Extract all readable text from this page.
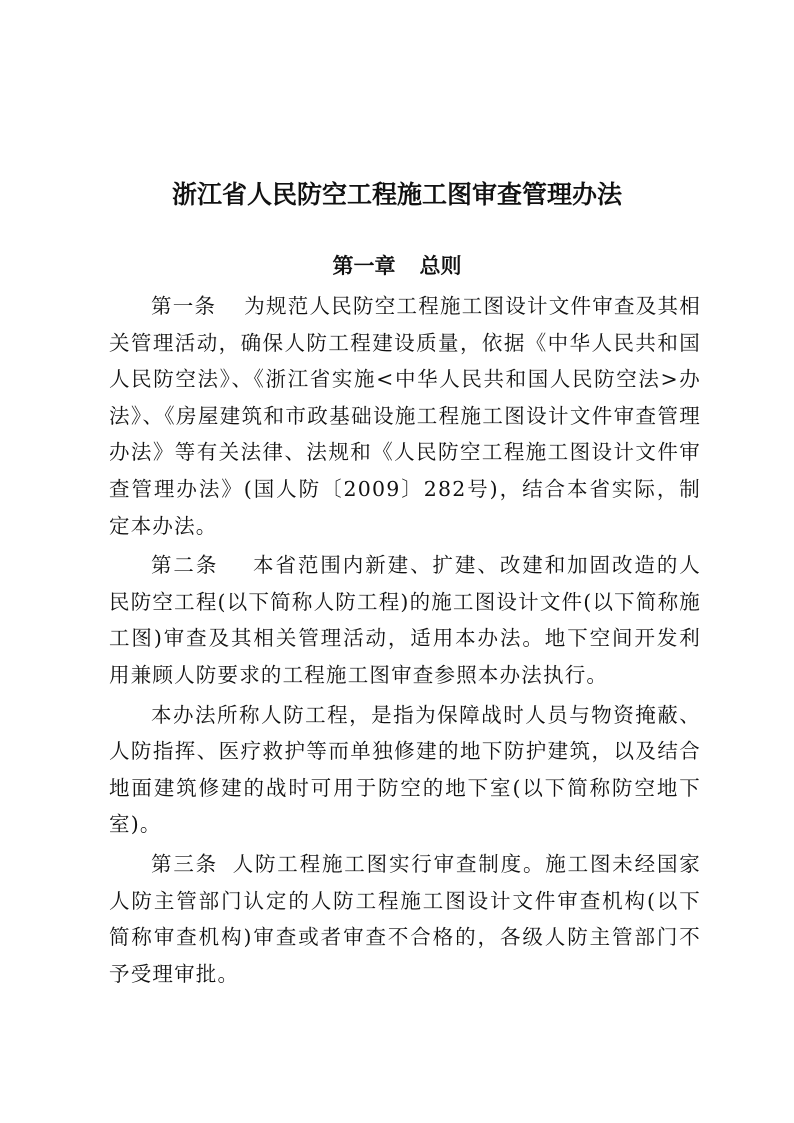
浙江省人民防空工程施工图审查管理办法
第一章 总则

第一条 为规范人民防空工程施工图设计文件审查及其相关管理活动，确保人防工程建设质量，依据《中华人民共和国人民防空法》、《浙江省实施<中华人民共和国人民防空法>办法》、《房屋建筑和市政基础设施工程施工图设计文件审查管理办法》等有关法律、法规和《人民防空工程施工图设计文件审查管理办法》(国人防〔2009〕282号)，结合本省实际，制定本办法。

第二条 本省范围内新建、扩建、改建和加固改造的人民防空工程(以下简称人防工程)的施工图设计文件(以下简称施工图)审查及其相关管理活动，适用本办法。地下空间开发利用兼顾人防要求的工程施工图审查参照本办法执行。

本办法所称人防工程，是指为保障战时人员与物资掩蔽、人防指挥、医疗救护等而单独修建的地下防护建筑，以及结合地面建筑修建的战时可用于防空的地下室(以下简称防空地下室)。

第三条 人防工程施工图实行审查制度。施工图未经国家人防主管部门认定的人防工程施工图设计文件审查机构(以下简称审查机构)审查或者审查不合格的，各级人防主管部门不予受理审批。
